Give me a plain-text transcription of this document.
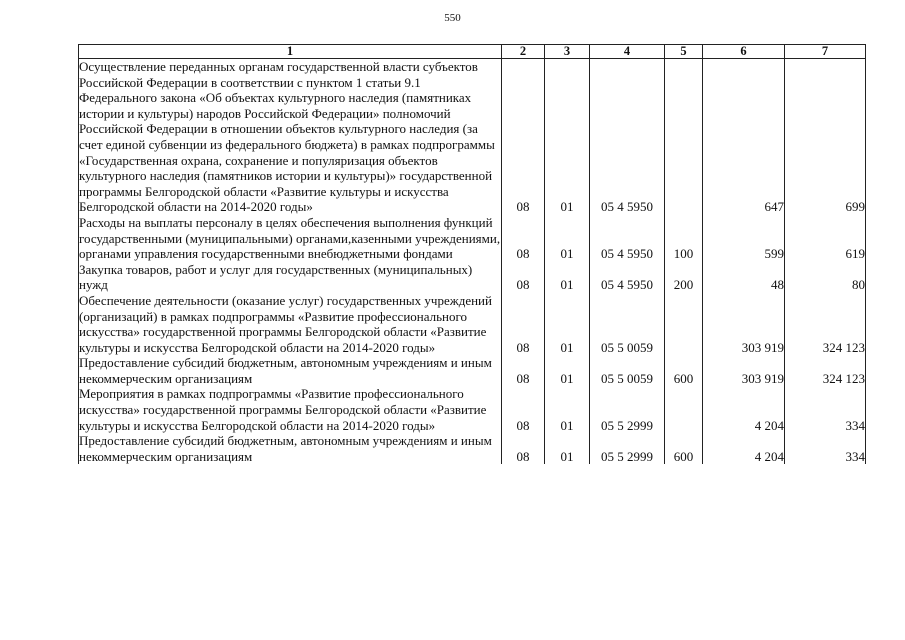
550
1	2	3	4	5	6	7
Осуществление переданных органам государственной власти субъектов Российской Федерации в соответствии с пунктом 1 статьи 9.1 Федерального закона «Об объектах культурного наследия (памятниках истории и культуры) народов Российской Федерации» полномочий Российской Федерации в отношении объектов культурного наследия (за счет единой субвенции из федерального бюджета) в рамках подпрограммы «Государственная охрана, сохранение и популяризация объектов культурного наследия (памятников истории и культуры)» государственной программы Белгородской области «Развитие культуры и искусства Белгородской области на 2014-2020 годы»	08	01	05 4 5950		647	699
Расходы на выплаты персоналу в целях обеспечения выполнения функций государственными (муниципальными) органами,казенными учреждениями, органами управления государственными внебюджетными фондами	08	01	05 4 5950	100	599	619
Закупка товаров, работ и услуг для государственных (муниципальных) нужд	08	01	05 4 5950	200	48	80
Обеспечение деятельности (оказание услуг) государственных учреждений (организаций) в рамках подпрограммы «Развитие профессионального искусства» государственной программы Белгородской области «Развитие культуры и искусства Белгородской области на 2014-2020 годы»	08	01	05 5 0059		303 919	324 123
Предоставление субсидий бюджетным, автономным учреждениям и иным некоммерческим организациям	08	01	05 5 0059	600	303 919	324 123
Мероприятия в рамках подпрограммы «Развитие профессионального искусства» государственной программы Белгородской области «Развитие культуры и искусства Белгородской области на 2014-2020 годы»	08	01	05 5 2999		4 204	334
Предоставление субсидий бюджетным, автономным учреждениям и иным некоммерческим организациям	08	01	05 5 2999	600	4 204	334
